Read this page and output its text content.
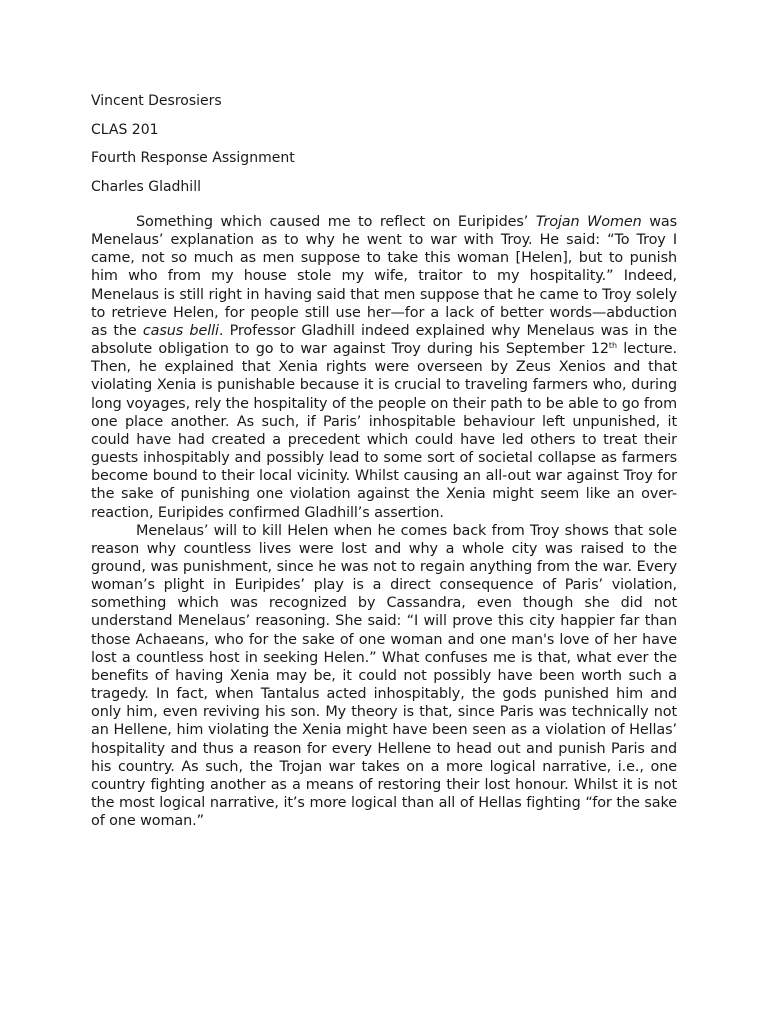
Vincent Desrosiers
CLAS 201
Fourth Response Assignment
Charles Gladhill

Something which caused me to reflect on Euripides’ Trojan Women was Menelaus’ explanation as to why he went to war with Troy. He said: “To Troy I came, not so much as men suppose to take this woman [Helen], but to punish him who from my house stole my wife, traitor to my hospitality.” Indeed, Menelaus is still right in having said that men suppose that he came to Troy solely to retrieve Helen, for people still use her—for a lack of better words—abduction as the casus belli. Professor Gladhill indeed explained why Menelaus was in the absolute obligation to go to war against Troy during his September 12th lecture. Then, he explained that Xenia rights were overseen by Zeus Xenios and that violating Xenia is punishable because it is crucial to traveling farmers who, during long voyages, rely the hospitality of the people on their path to be able to go from one place another. As such, if Paris’ inhospitable behaviour left unpunished, it could have had created a precedent which could have led others to treat their guests inhospitably and possibly lead to some sort of societal collapse as farmers become bound to their local vicinity. Whilst causing an all-out war against Troy for the sake of punishing one violation against the Xenia might seem like an over-reaction, Euripides confirmed Gladhill’s assertion.

Menelaus’ will to kill Helen when he comes back from Troy shows that sole reason why countless lives were lost and why a whole city was raised to the ground, was punishment, since he was not to regain anything from the war. Every woman’s plight in Euripides’ play is a direct consequence of Paris’ violation, something which was recognized by Cassandra, even though she did not understand Menelaus’ reasoning. She said: “I will prove this city happier far than those Achaeans, who for the sake of one woman and one man's love of her have lost a countless host in seeking Helen.” What confuses me is that, what ever the benefits of having Xenia may be, it could not possibly have been worth such a tragedy. In fact, when Tantalus acted inhospitably, the gods punished him and only him, even reviving his son. My theory is that, since Paris was technically not an Hellene, him violating the Xenia might have been seen as a violation of Hellas’ hospitality and thus a reason for every Hellene to head out and punish Paris and his country. As such, the Trojan war takes on a more logical narrative, i.e., one country fighting another as a means of restoring their lost honour. Whilst it is not the most logical narrative, it’s more logical than all of Hellas fighting “for the sake of one woman.”
